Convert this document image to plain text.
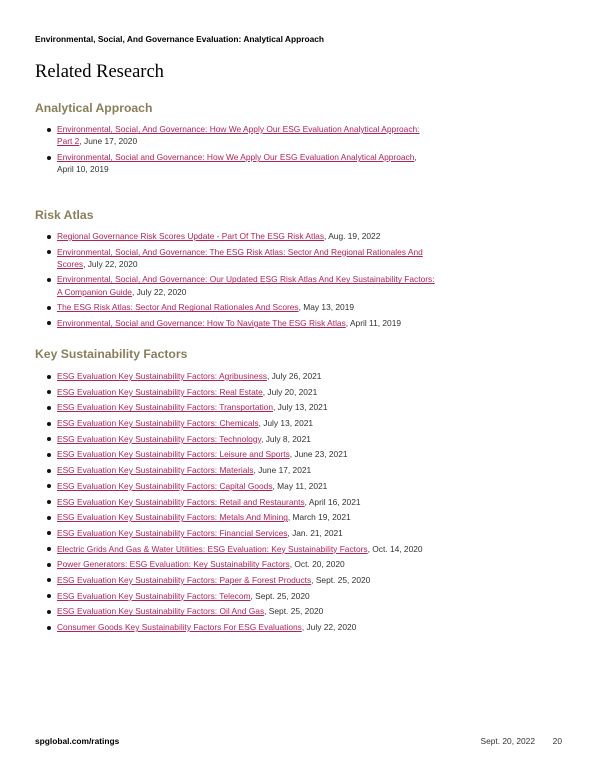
Environmental, Social, And Governance Evaluation: Analytical Approach
Related Research
Analytical Approach
Environmental, Social, And Governance: How We Apply Our ESG Evaluation Analytical Approach: Part 2, June 17, 2020
Environmental, Social and Governance: How We Apply Our ESG Evaluation Analytical Approach, April 10, 2019
Risk Atlas
Regional Governance Risk Scores Update - Part Of The ESG Risk Atlas, Aug. 19, 2022
Environmental, Social, And Governance: The ESG Risk Atlas: Sector And Regional Rationales And Scores, July 22, 2020
Environmental, Social, And Governance: Our Updated ESG Risk Atlas And Key Sustainability Factors: A Companion Guide, July 22, 2020
The ESG Risk Atlas: Sector And Regional Rationales And Scores, May 13, 2019
Environmental, Social and Governance: How To Navigate The ESG Risk Atlas, April 11, 2019
Key Sustainability Factors
ESG Evaluation Key Sustainability Factors: Agribusiness, July 26, 2021
ESG Evaluation Key Sustainability Factors: Real Estate, July 20, 2021
ESG Evaluation Key Sustainability Factors: Transportation, July 13, 2021
ESG Evaluation Key Sustainability Factors: Chemicals, July 13, 2021
ESG Evaluation Key Sustainability Factors: Technology, July 8, 2021
ESG Evaluation Key Sustainability Factors: Leisure and Sports, June 23, 2021
ESG Evaluation Key Sustainability Factors: Materials, June 17, 2021
ESG Evaluation Key Sustainability Factors: Capital Goods, May 11, 2021
ESG Evaluation Key Sustainability Factors: Retail and Restaurants, April 16, 2021
ESG Evaluation Key Sustainability Factors: Metals And Mining, March 19, 2021
ESG Evaluation Key Sustainability Factors: Financial Services, Jan. 21, 2021
Electric Grids And Gas & Water Utilities: ESG Evaluation: Key Sustainability Factors, Oct. 14, 2020
Power Generators: ESG Evaluation: Key Sustainability Factors, Oct. 20, 2020
ESG Evaluation Key Sustainability Factors: Paper & Forest Products, Sept. 25, 2020
ESG Evaluation Key Sustainability Factors: Telecom, Sept. 25, 2020
ESG Evaluation Key Sustainability Factors: Oil And Gas, Sept. 25, 2020
Consumer Goods Key Sustainability Factors For ESG Evaluations, July 22, 2020
spglobal.com/ratings	Sept. 20, 2022 20
